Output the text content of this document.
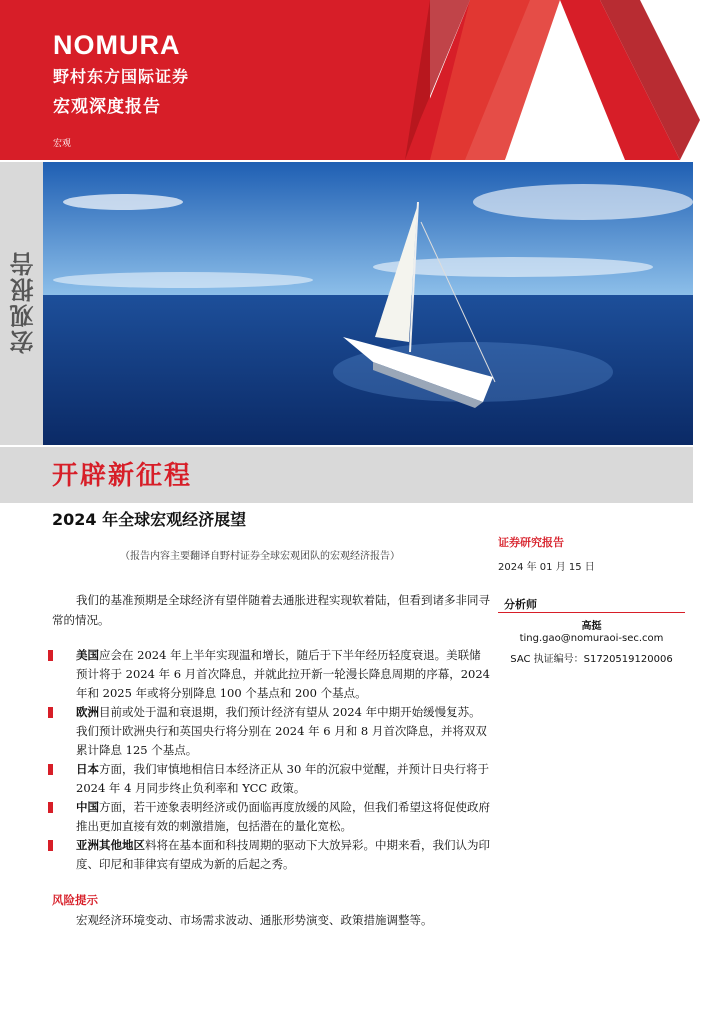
NOMURA
野村东方国际证券
宏观深度报告
宏观
宏观报告
开辟新征程
2024 年全球宏观经济展望
（报告内容主要翻译自野村证券全球宏观团队的宏观经济报告）
证券研究报告
2024 年 01 月 15 日
分析师
高挺
ting.gao@nomuraoi-sec.com
SAC 执证编号：S1720519120006
我们的基准预期是全球经济有望伴随着去通胀进程实现软着陆，但看到诸多非同寻常的情况。
美国应会在 2024 年上半年实现温和增长，随后于下半年经历轻度衰退。美联储预计将于 2024 年 6 月首次降息，并就此拉开新一轮漫长降息周期的序幕，2024 年和 2025 年或将分别降息 100 个基点和 200 个基点。
欧洲目前或处于温和衰退期，我们预计经济有望从 2024 年中期开始缓慢复苏。我们预计欧洲央行和英国央行将分别在 2024 年 6 月和 8 月首次降息，并将双双累计降息 125 个基点。
日本方面，我们审慎地相信日本经济正从 30 年的沉寂中觉醒，并预计日央行将于 2024 年 4 月同步终止负利率和 YCC 政策。
中国方面，若干迹象表明经济或仍面临再度放缓的风险，但我们希望这将促使政府推出更加直接有效的刺激措施，包括潜在的量化宽松。
亚洲其他地区料将在基本面和科技周期的驱动下大放异彩。中期来看，我们认为印度、印尼和菲律宾有望成为新的后起之秀。
风险提示
宏观经济环境变动、市场需求波动、通胀形势演变、政策措施调整等。
